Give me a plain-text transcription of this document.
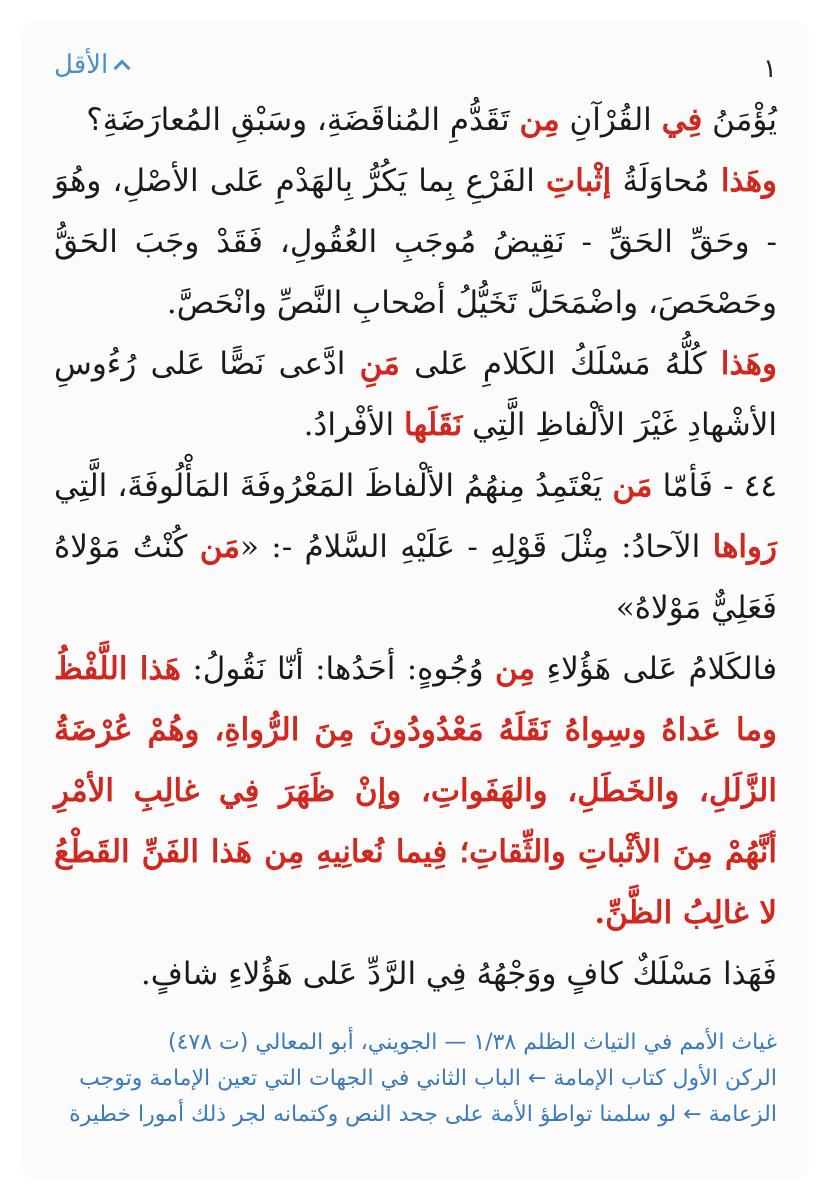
١
الأقل

يُؤْمَنُ فِي القُرْآنِ مِن تَقَدُّمِ المُناقَضَةِ، وسَبْقِ المُعارَضَةِ؟

وهَذا مُحاوَلَةُ إثْباتِ الفَرْعِ بِما يَكُرُّ بِالهَدْمِ عَلى الأصْلِ، وهُوَ - وحَقِّ الحَقِّ - نَقِيضُ مُوجَبِ العُقُولِ، فَقَدْ وجَبَ الحَقُّ وحَصْحَصَ، واضْمَحَلَّ تَخَيُّلُ أصْحابِ النَّصِّ وانْحَصَّ.

وهَذا كُلُّهُ مَسْلَكُ الكَلامِ عَلى مَنِ ادَّعى نَصًّا عَلى رُءُوسِ الأشْهادِ غَيْرَ الألْفاظِ الَّتِي نَقَلَها الأفْرادُ.

٤٤ - فَأمّا مَن يَعْتَمِدُ مِنهُمُ الألْفاظَ المَعْرُوفَةَ المَأْلُوفَةَ، الَّتِي رَواها الآحادُ: مِثْلَ قَوْلِهِ - عَلَيْهِ السَّلامُ -: «مَن كُنْتُ مَوْلاهُ فَعَلِيٌّ مَوْلاهُ»

فالكَلامُ عَلى هَؤُلاءِ مِن وُجُوهٍ: أحَدُها: أنّا نَقُولُ: هَذا اللَّفْظُ وما عَداهُ وسِواهُ نَقَلَهُ مَعْدُودُونَ مِنَ الرُّواةِ، وهُمْ عُرْضَةُ الزَّلَلِ، والخَطَلِ، والهَفَواتِ، وإنْ ظَهَرَ فِي غالِبِ الأمْرِ أنَّهُمْ مِنَ الأثْباتِ والثِّقاتِ؛ فِيما نُعانِيهِ مِن هَذا الفَنِّ القَطْعُ لا غالِبُ الظَّنِّ.

فَهَذا مَسْلَكٌ كافٍ ووَجْهُهُ فِي الرَّدِّ عَلى هَؤُلاءِ شافٍ.

غياث الأمم في التياث الظلم ١/٣٨ — الجويني، أبو المعالي (ت ٤٧٨)

الركن الأول كتاب الإمامة ← الباب الثاني في الجهات التي تعين الإمامة وتوجب الزعامة ← لو سلمنا تواطؤ الأمة على جحد النص وكتمانه لجر ذلك أمورا خطيرة
